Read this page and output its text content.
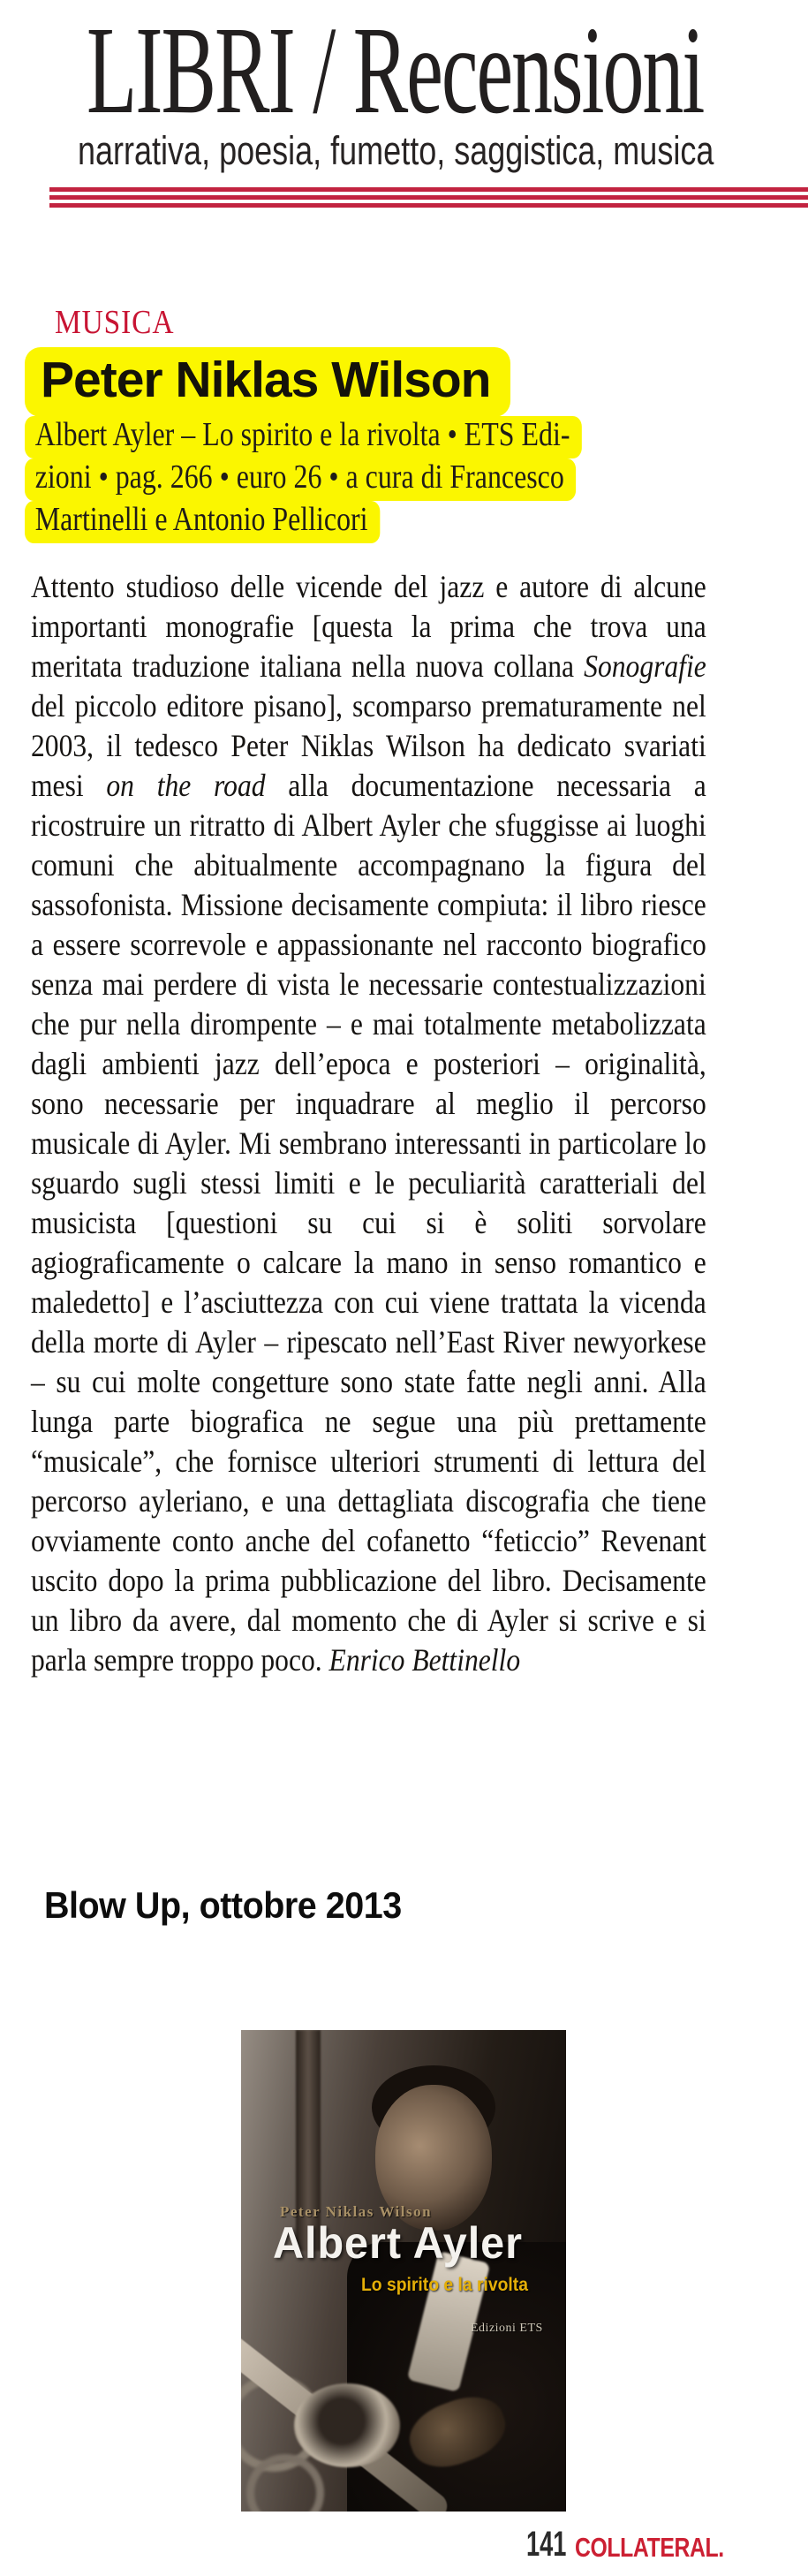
LIBRI / Recensioni
narrativa, poesia, fumetto, saggistica, musica
MUSICA
Peter Niklas Wilson
Albert Ayler – Lo spirito e la rivolta • ETS Edi-
zioni • pag. 266 • euro 26 • a cura di Francesco
Martinelli e Antonio Pellicori

Attento studioso delle vicende del jazz e autore di alcune importanti monografie [questa la prima che trova una meritata traduzione italiana nella nuova collana Sonografie del piccolo editore pisano], scomparso prematuramente nel 2003, il tedesco Peter Niklas Wilson ha dedicato svariati mesi on the road alla documentazione necessaria a ricostruire un ritratto di Albert Ayler che sfuggisse ai luoghi comuni che abitualmente accompagnano la figura del sassofonista. Missione decisamente compiuta: il libro riesce a essere scorrevole e appassionante nel racconto biografico senza mai perdere di vista le necessarie contestualizzazioni che pur nella dirompente – e mai totalmente metabolizzata dagli ambienti jazz dell’epoca e posteriori – originalità, sono necessarie per inquadrare al meglio il percorso musicale di Ayler. Mi sembrano interessanti in particolare lo sguardo sugli stessi limiti e le peculiarità caratteriali del musicista [questioni su cui si è soliti sorvolare agiograficamente o calcare la mano in senso romantico e maledetto] e l’asciuttezza con cui viene trattata la vicenda della morte di Ayler – ripescato nell’East River newyorkese – su cui molte congetture sono state fatte negli anni. Alla lunga parte biografica ne segue una più prettamente “musicale”, che fornisce ulteriori strumenti di lettura del percorso ayleriano, e una dettagliata discografia che tiene ovviamente conto anche del cofanetto “feticcio” Revenant uscito dopo la prima pubblicazione del libro. Decisamente un libro da avere, dal momento che di Ayler si scrive e si parla sempre troppo poco. Enrico Bettinello

Blow Up, ottobre 2013
Peter Niklas Wilson
Albert Ayler
Lo spirito e la rivolta
Edizioni ETS
141 COLLATERAL.
